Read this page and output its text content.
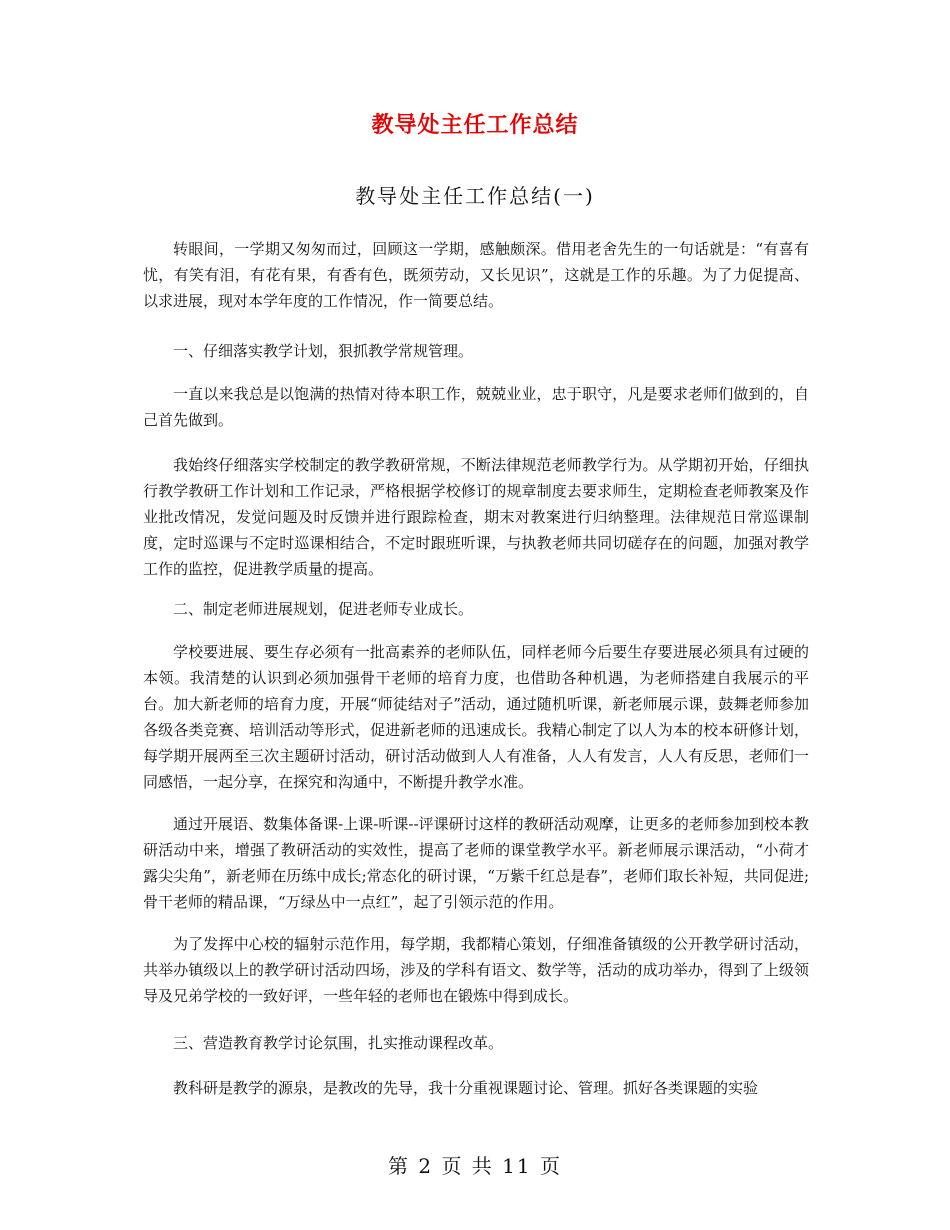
教导处主任工作总结
教导处主任工作总结(一)

转眼间，一学期又匆匆而过，回顾这一学期，感触颇深。借用老舍先生的一句话就是：“有喜有忧，有笑有泪，有花有果，有香有色，既须劳动，又长见识”，这就是工作的乐趣。为了力促提高、以求进展，现对本学年度的工作情况，作一简要总结。

一、仔细落实教学计划，狠抓教学常规管理。

一直以来我总是以饱满的热情对待本职工作，兢兢业业，忠于职守，凡是要求老师们做到的，自己首先做到。

我始终仔细落实学校制定的教学教研常规，不断法律规范老师教学行为。从学期初开始，仔细执行教学教研工作计划和工作记录，严格根据学校修订的规章制度去要求师生，定期检查老师教案及作业批改情况，发觉问题及时反馈并进行跟踪检查，期末对教案进行归纳整理。法律规范日常巡课制度，定时巡课与不定时巡课相结合，不定时跟班听课，与执教老师共同切磋存在的问题，加强对教学工作的监控，促进教学质量的提高。

二、制定老师进展规划，促进老师专业成长。

学校要进展、要生存必须有一批高素养的老师队伍，同样老师今后要生存要进展必须具有过硬的本领。我清楚的认识到必须加强骨干老师的培育力度，也借助各种机遇，为老师搭建自我展示的平台。加大新老师的培育力度，开展“师徒结对子”活动，通过随机听课，新老师展示课，鼓舞老师参加各级各类竞赛、培训活动等形式，促进新老师的迅速成长。我精心制定了以人为本的校本研修计划，每学期开展两至三次主题研讨活动，研讨活动做到人人有准备，人人有发言，人人有反思，老师们一同感悟，一起分享，在探究和沟通中，不断提升教学水准。

通过开展语、数集体备课-上课-听课--评课研讨这样的教研活动观摩，让更多的老师参加到校本教研活动中来，增强了教研活动的实效性，提高了老师的课堂教学水平。新老师展示课活动，“小荷才露尖尖角”，新老师在历练中成长;常态化的研讨课，“万紫千红总是春”，老师们取长补短，共同促进;骨干老师的精品课，“万绿丛中一点红”，起了引领示范的作用。

为了发挥中心校的辐射示范作用，每学期，我都精心策划，仔细准备镇级的公开教学研讨活动，共举办镇级以上的教学研讨活动四场，涉及的学科有语文、数学等，活动的成功举办，得到了上级领导及兄弟学校的一致好评，一些年轻的老师也在锻炼中得到成长。

三、营造教育教学讨论氛围，扎实推动课程改革。

教科研是教学的源泉，是教改的先导，我十分重视课题讨论、管理。抓好各类课题的实验

第 2 页 共 11 页
